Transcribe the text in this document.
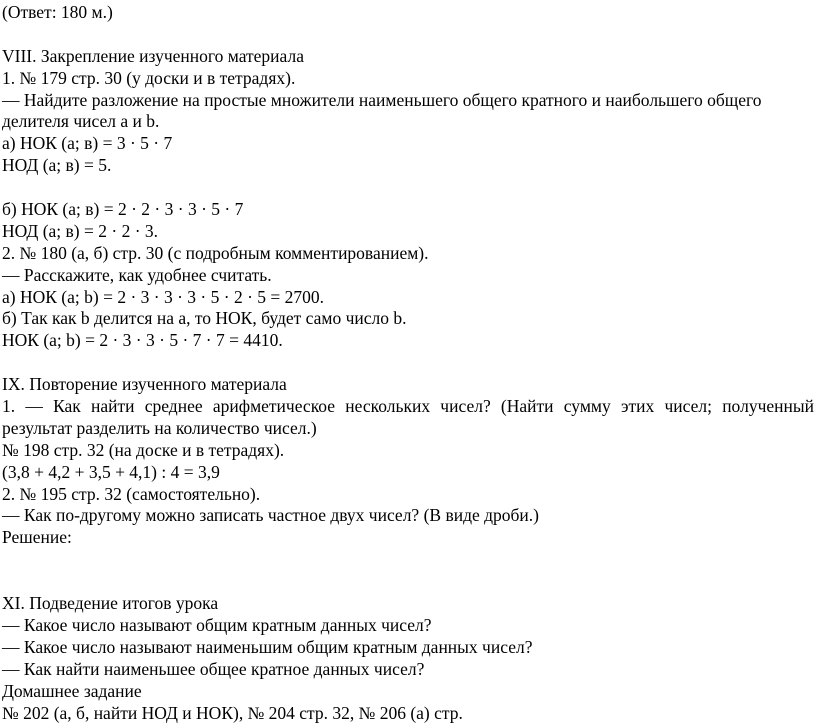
(Ответ: 180 м.)
VIII. Закрепление изученного материала
1. № 179 стр. 30 (у доски и в тетрадях).
— Найдите разложение на простые множители наименьшего общего кратного и наибольшего общего
делителя чисел a и b.
а) НОК (а; в) = 3 · 5 · 7
НОД (а; в) = 5.
б) НОК (а; в) = 2 · 2 · 3 · 3 · 5 · 7
НОД (а; в) = 2 · 2 · 3.
2. № 180 (а, б) стр. 30 (с подробным комментированием).
— Расскажите, как удобнее считать.
а) НОК (a; b) = 2 · 3 · 3 · 3 · 5 · 2 · 5 = 2700.
б) Так как b делится на a, то НОК, будет само число b.
НОК (a; b) = 2 · 3 · 3 · 5 · 7 · 7 = 4410.
IX. Повторение изученного материала
1. — Как найти среднее арифметическое нескольких чисел? (Найти сумму этих чисел; полученный
результат разделить на количество чисел.)
№ 198 стр. 32 (на доске и в тетрадях).
(3,8 + 4,2 + 3,5 + 4,1) : 4 = 3,9
2. № 195 стр. 32 (самостоятельно).
— Как по-другому можно записать частное двух чисел? (В виде дроби.)
Решение:
XI. Подведение итогов урока
— Какое число называют общим кратным данных чисел?
— Какое число называют наименьшим общим кратным данных чисел?
— Как найти наименьшее общее кратное данных чисел?
Домашнее задание
№ 202 (а, б, найти НОД и НОК), № 204 стр. 32, № 206 (а) стр.
